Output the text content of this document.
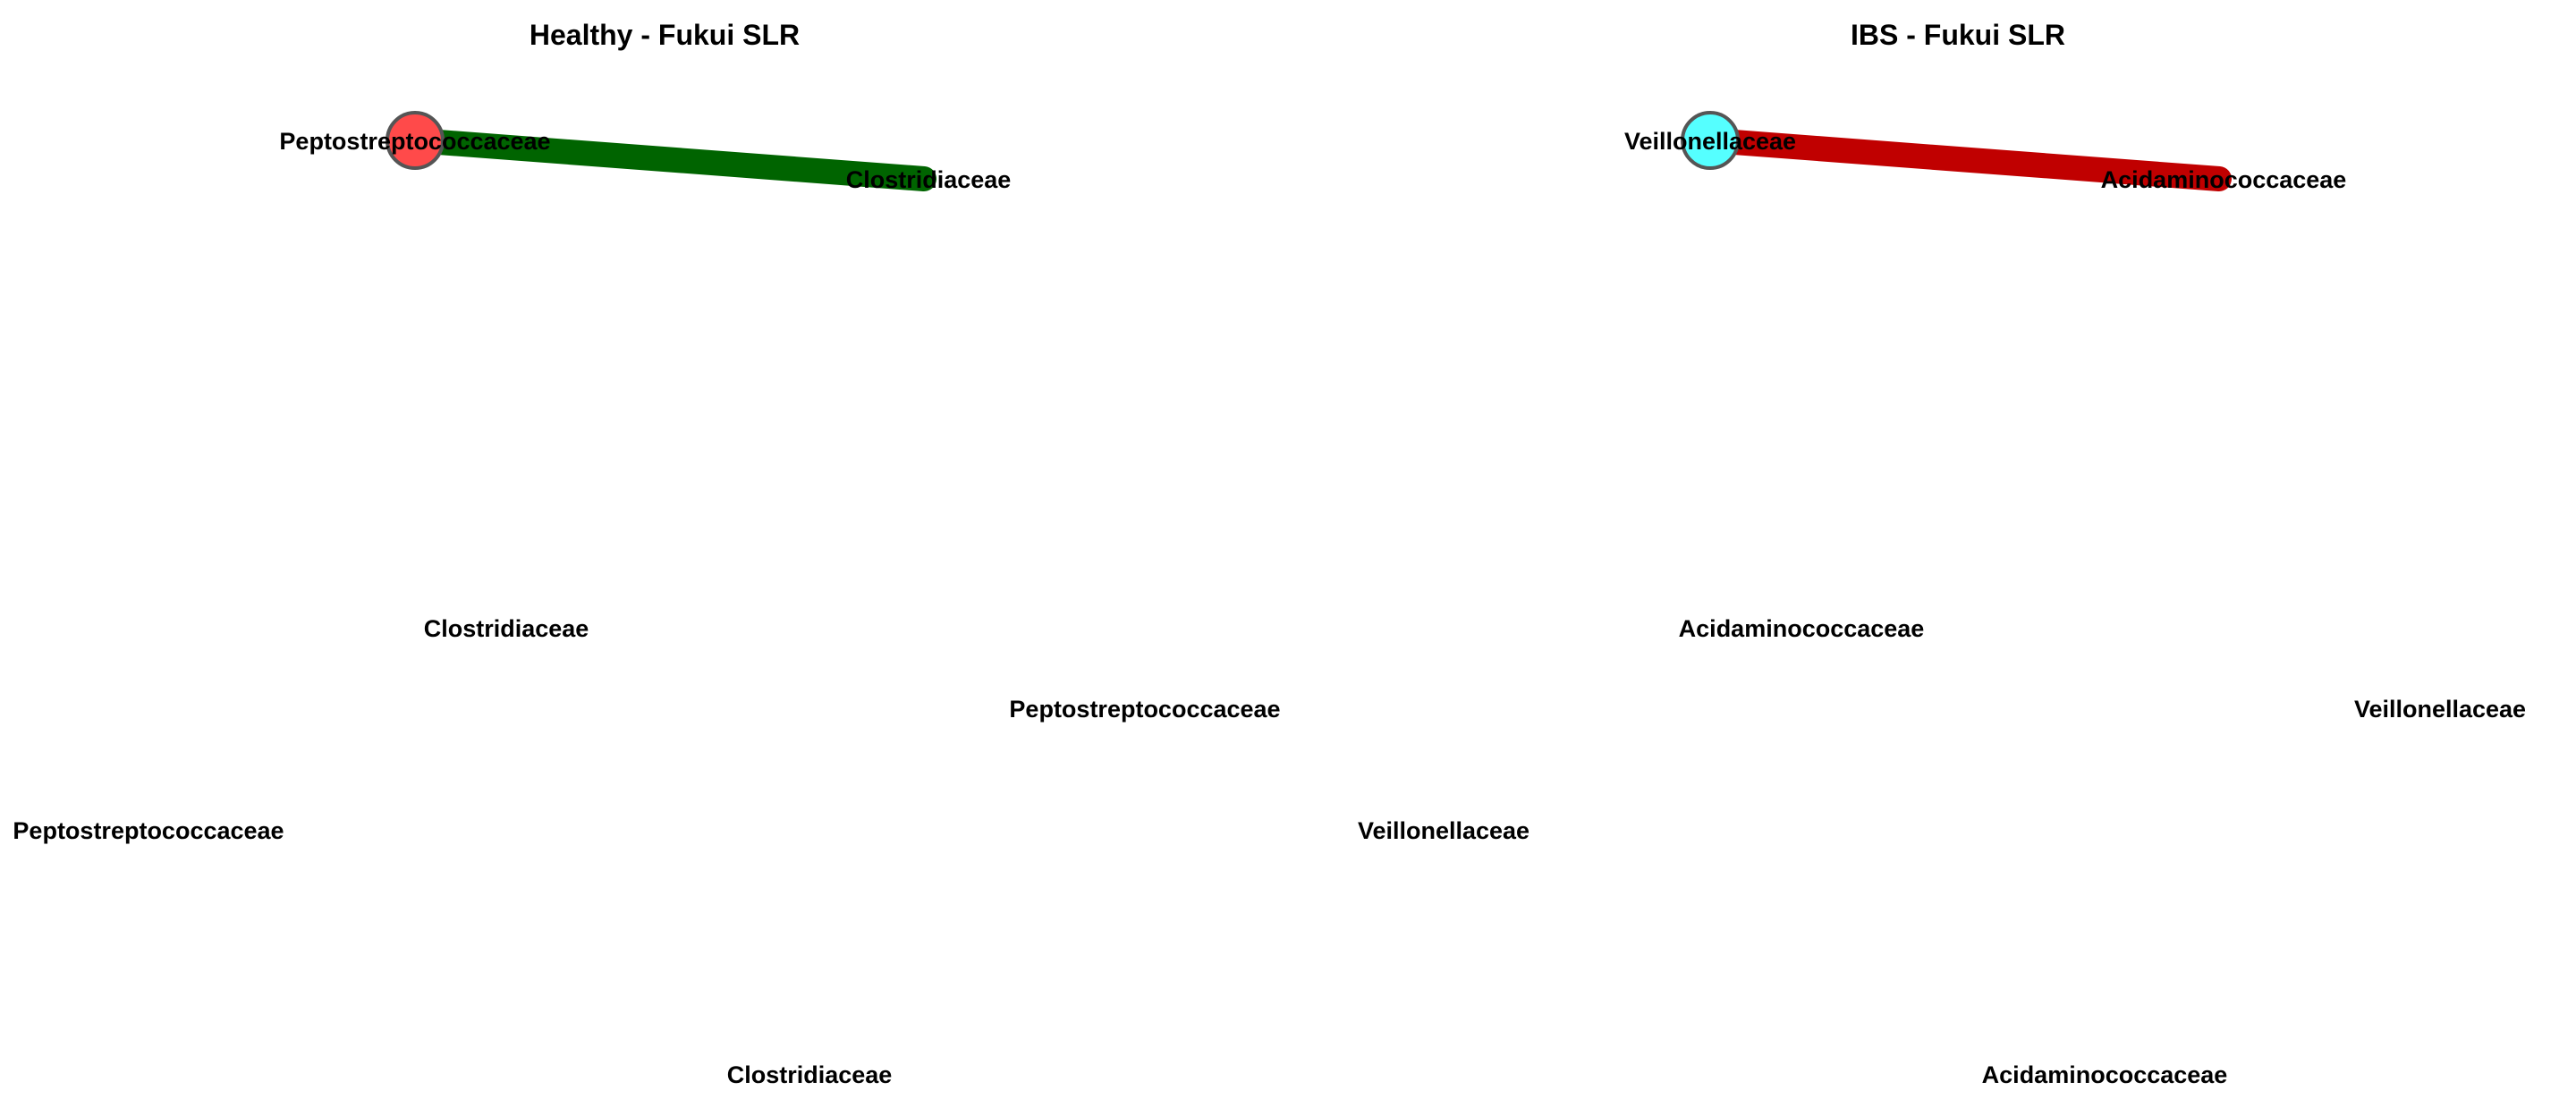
Healthy - Fukui SLR
Peptostreptococcaceae
Clostridiaceae
Clostridiaceae
Peptostreptococcaceae
Peptostreptococcaceae
Clostridiaceae
IBS - Fukui SLR
Veillonellaceae
Acidaminococcaceae
Acidaminococcaceae
Veillonellaceae
Veillonellaceae
Acidaminococcaceae
